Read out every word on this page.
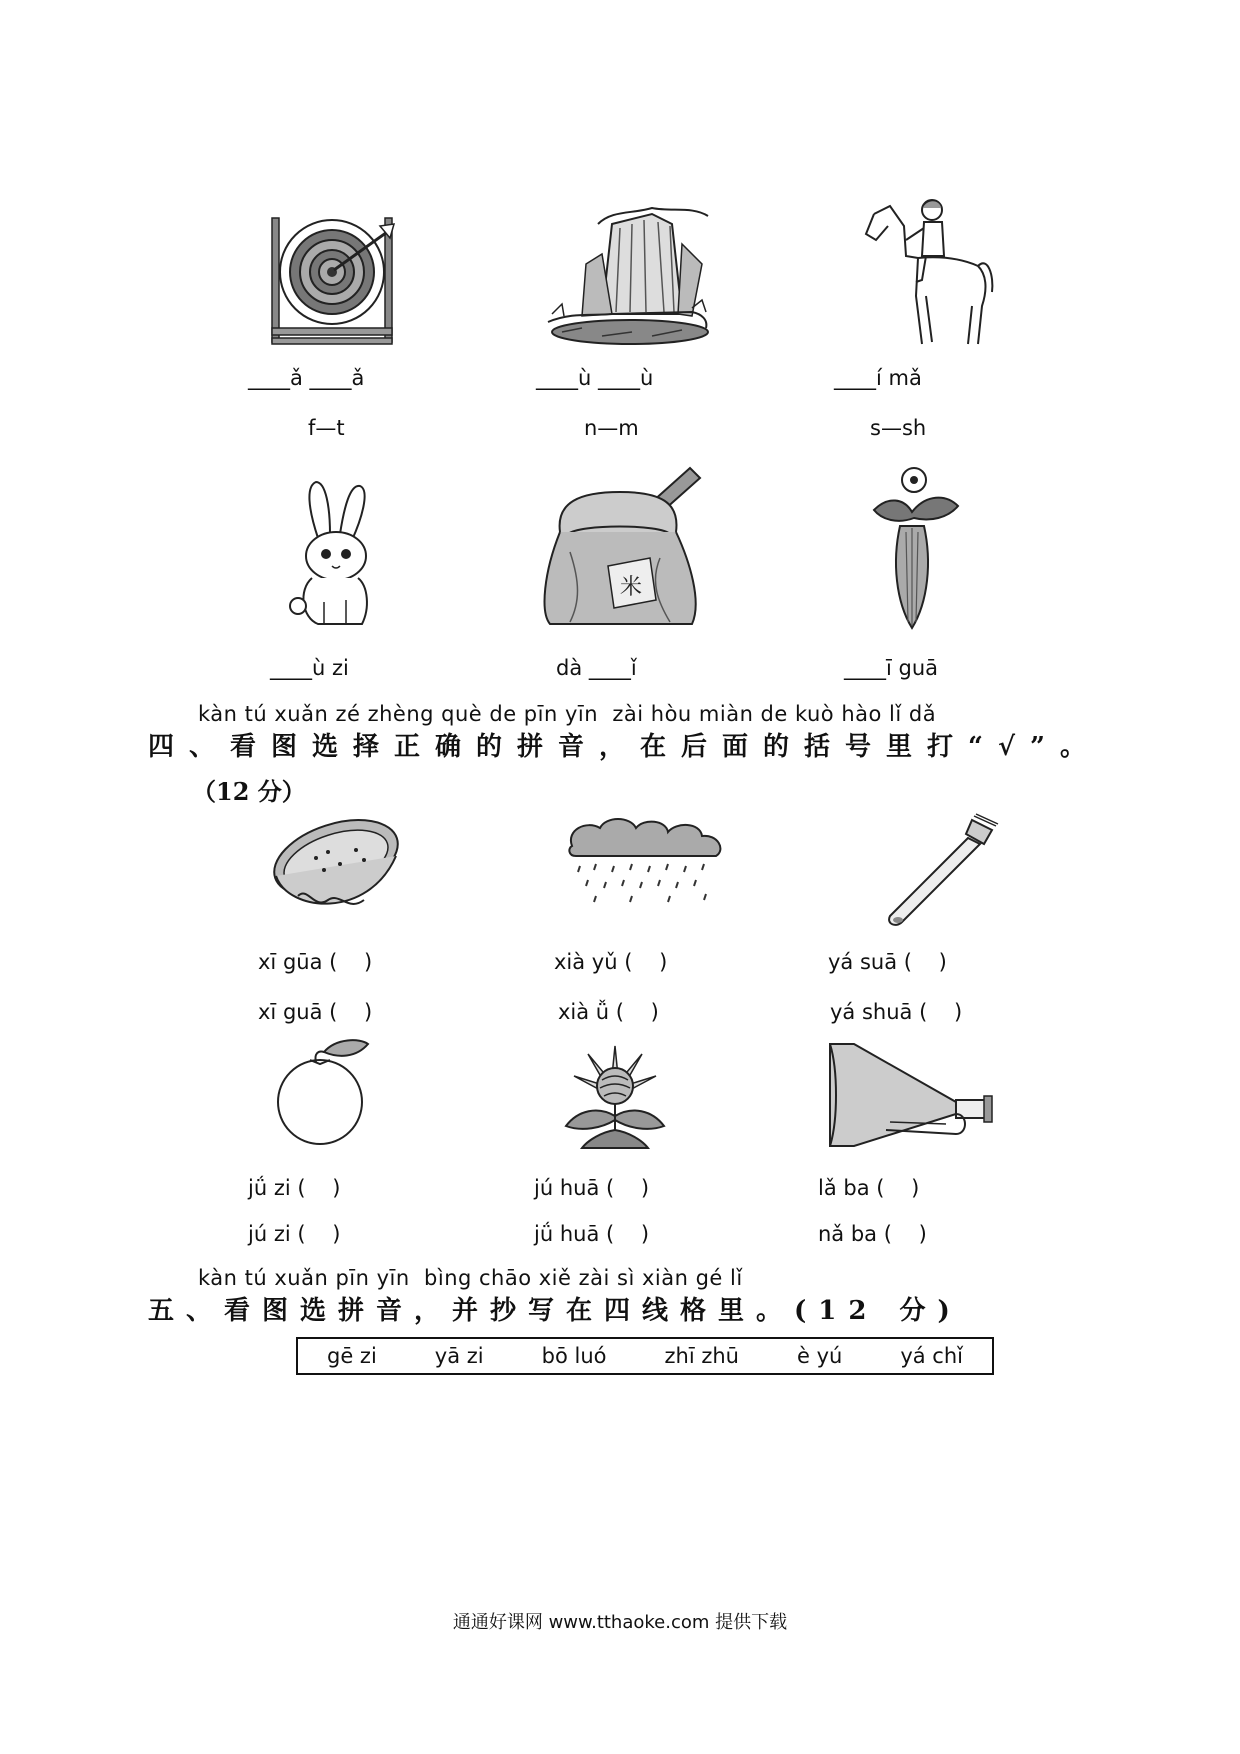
____ǎ ____ǎ	____ù ____ù	____í mǎ
f—t	n—m	s—sh
米
____ù zi	dà ____ǐ	____ī guā
kàn tú xuǎn zé zhèng què de pīn yīn  zài hòu miàn de kuò hào lǐ dǎ
四、看图选择正确的拼音，在后面的括号里打“√”。
（12 分）
xī gūa (    )
xī guā (    )
xià yǔ (    )
xià ǚ (    )
yá suā (    )
yá shuā (    )
jǘ zi (    )
jú zi (    )
jú huā (    )
jǘ huā (    )
lǎ ba (    )
nǎ ba (    )
kàn tú xuǎn pīn yīn  bìng chāo xiě zài sì xiàn gé lǐ
五、看图选拼音，并抄写在四线格里。(12 分)
gē zi	yā zi	bō luó	zhī zhū	è yú	yá chǐ
通通好课网 www.tthaoke.com 提供下载
